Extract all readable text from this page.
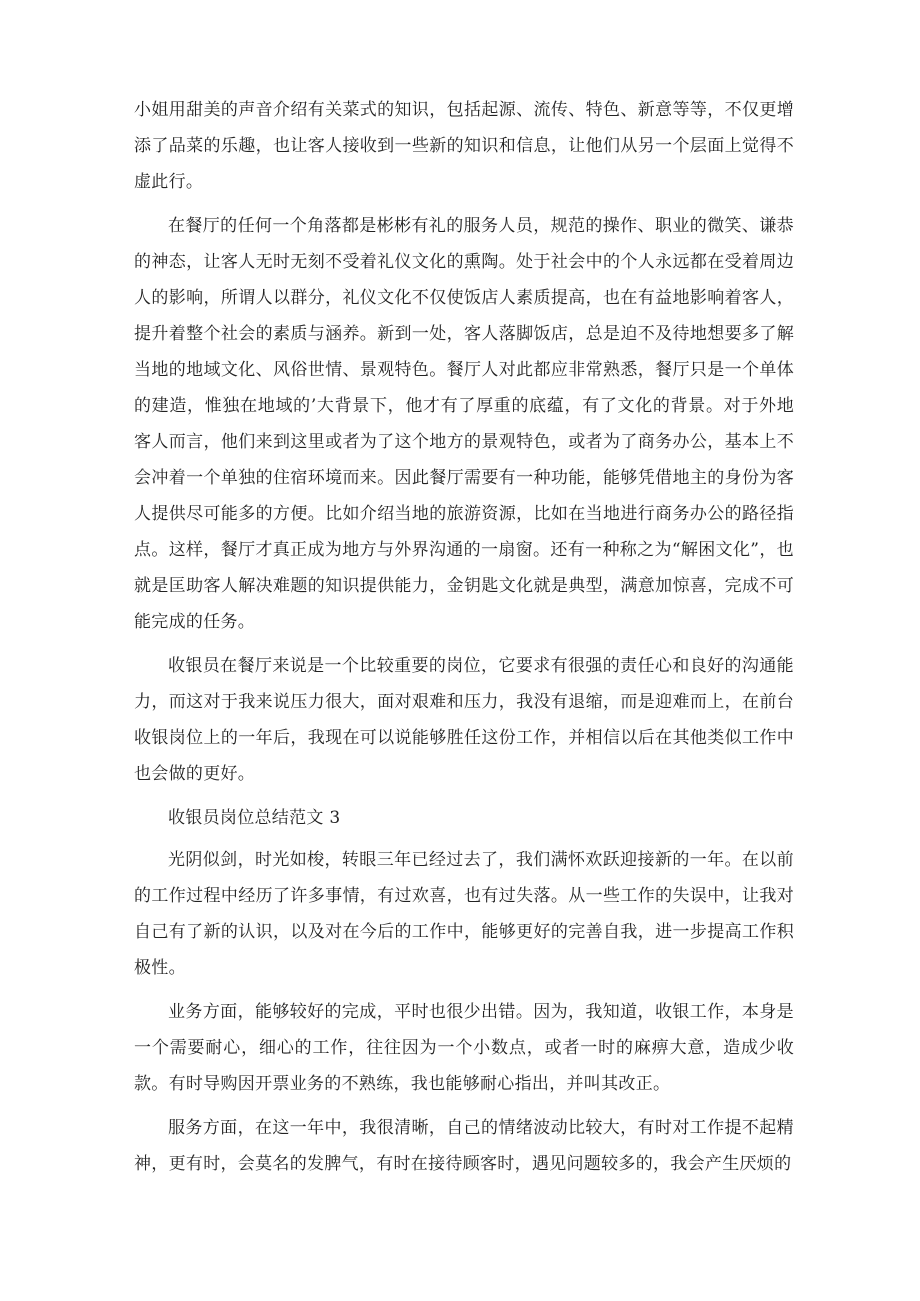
小姐用甜美的声音介绍有关菜式的知识，包括起源、流传、特色、新意等等，不仅更增添了品菜的乐趣，也让客人接收到一些新的知识和信息，让他们从另一个层面上觉得不虚此行。

在餐厅的任何一个角落都是彬彬有礼的服务人员，规范的操作、职业的微笑、谦恭的神态，让客人无时无刻不受着礼仪文化的熏陶。处于社会中的个人永远都在受着周边人的影响，所谓人以群分，礼仪文化不仅使饭店人素质提高，也在有益地影响着客人，提升着整个社会的素质与涵养。新到一处，客人落脚饭店，总是迫不及待地想要多了解当地的地域文化、风俗世情、景观特色。餐厅人对此都应非常熟悉，餐厅只是一个单体的建造，惟独在地域的’大背景下，他才有了厚重的底蕴，有了文化的背景。对于外地客人而言，他们来到这里或者为了这个地方的景观特色，或者为了商务办公，基本上不会冲着一个单独的住宿环境而来。因此餐厅需要有一种功能，能够凭借地主的身份为客人提供尽可能多的方便。比如介绍当地的旅游资源，比如在当地进行商务办公的路径指点。这样，餐厅才真正成为地方与外界沟通的一扇窗。还有一种称之为“解困文化”，也就是匡助客人解决难题的知识提供能力，金钥匙文化就是典型，满意加惊喜，完成不可能完成的任务。

收银员在餐厅来说是一个比较重要的岗位，它要求有很强的责任心和良好的沟通能力，而这对于我来说压力很大，面对艰难和压力，我没有退缩，而是迎难而上，在前台收银岗位上的一年后，我现在可以说能够胜任这份工作，并相信以后在其他类似工作中也会做的更好。

收银员岗位总结范文 3

光阴似剑，时光如梭，转眼三年已经过去了，我们满怀欢跃迎接新的一年。在以前的工作过程中经历了许多事情，有过欢喜，也有过失落。从一些工作的失误中，让我对自己有了新的认识，以及对在今后的工作中，能够更好的完善自我，进一步提高工作积极性。

业务方面，能够较好的完成，平时也很少出错。因为，我知道，收银工作，本身是一个需要耐心，细心的工作，往往因为一个小数点，或者一时的麻痹大意，造成少收款。有时导购因开票业务的不熟练，我也能够耐心指出，并叫其改正。

服务方面，在这一年中，我很清晰，自己的情绪波动比较大，有时对工作提不起精神，更有时，会莫名的发脾气，有时在接待顾客时，遇见问题较多的，我会产生厌烦的
